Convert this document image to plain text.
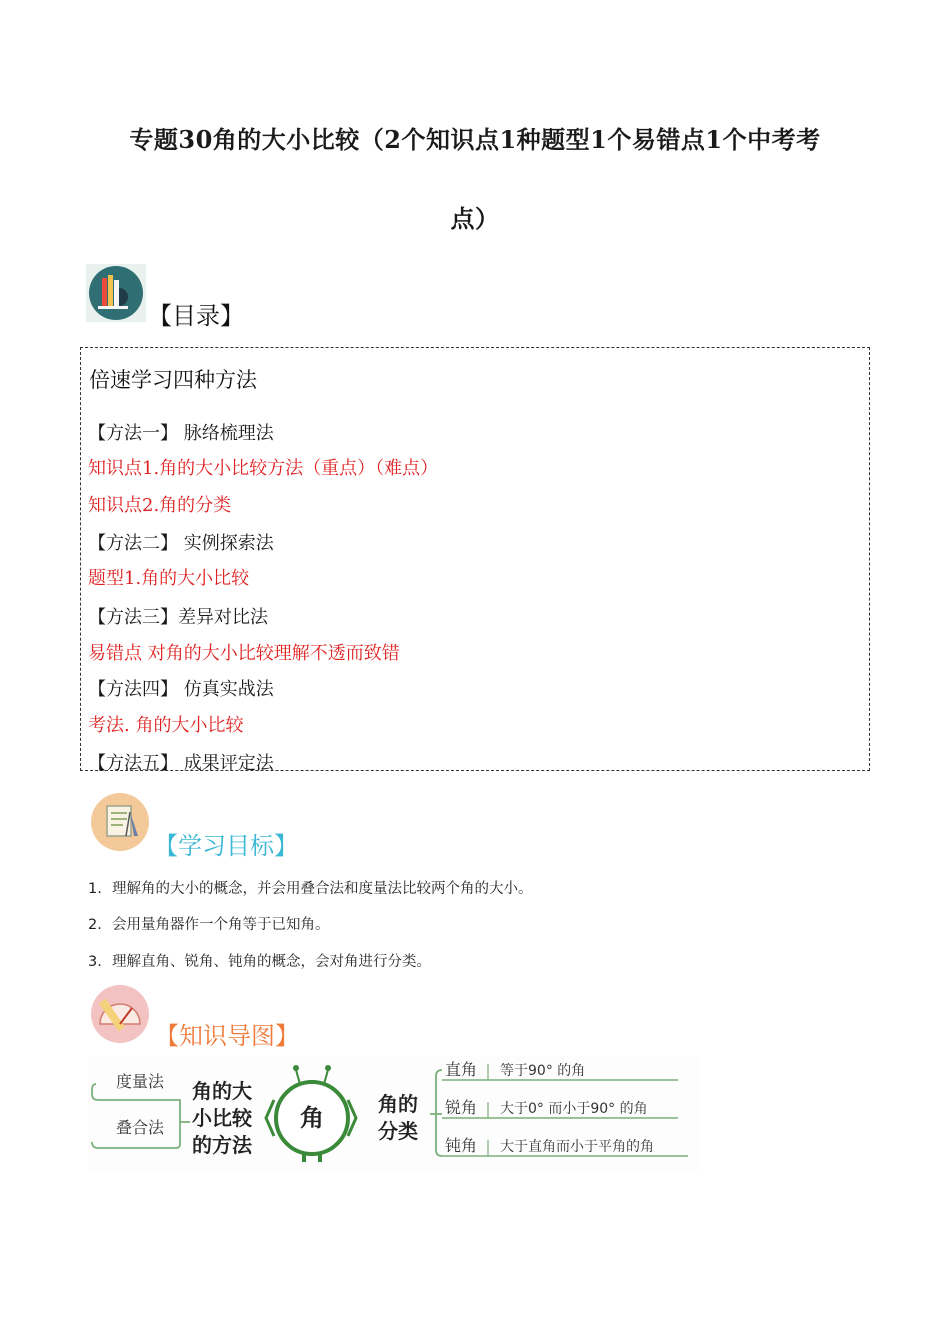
专题30角的大小比较（2个知识点1种题型1个易错点1个中考考
点）
【目录】
倍速学习四种方法
【方法一】 脉络梳理法
知识点1.角的大小比较方法（重点）（难点）
知识点2.角的分类
【方法二】 实例探索法
题型1.角的大小比较
【方法三】差异对比法
易错点 对角的大小比较理解不透而致错
【方法四】 仿真实战法
考法. 角的大小比较
【方法五】 成果评定法
【学习目标】
1. 理解角的大小的概念，并会用叠合法和度量法比较两个角的大小。
2. 会用量角器作一个角等于已知角。
3. 理解直角、锐角、钝角的概念，会对角进行分类。
【知识导图】
度量法
叠合法
角的大
小比较
的方法
角	角的
分类
直角 等于90° 的角
锐角 大于0° 而小于90° 的角
钝角 大于直角而小于平角的角
